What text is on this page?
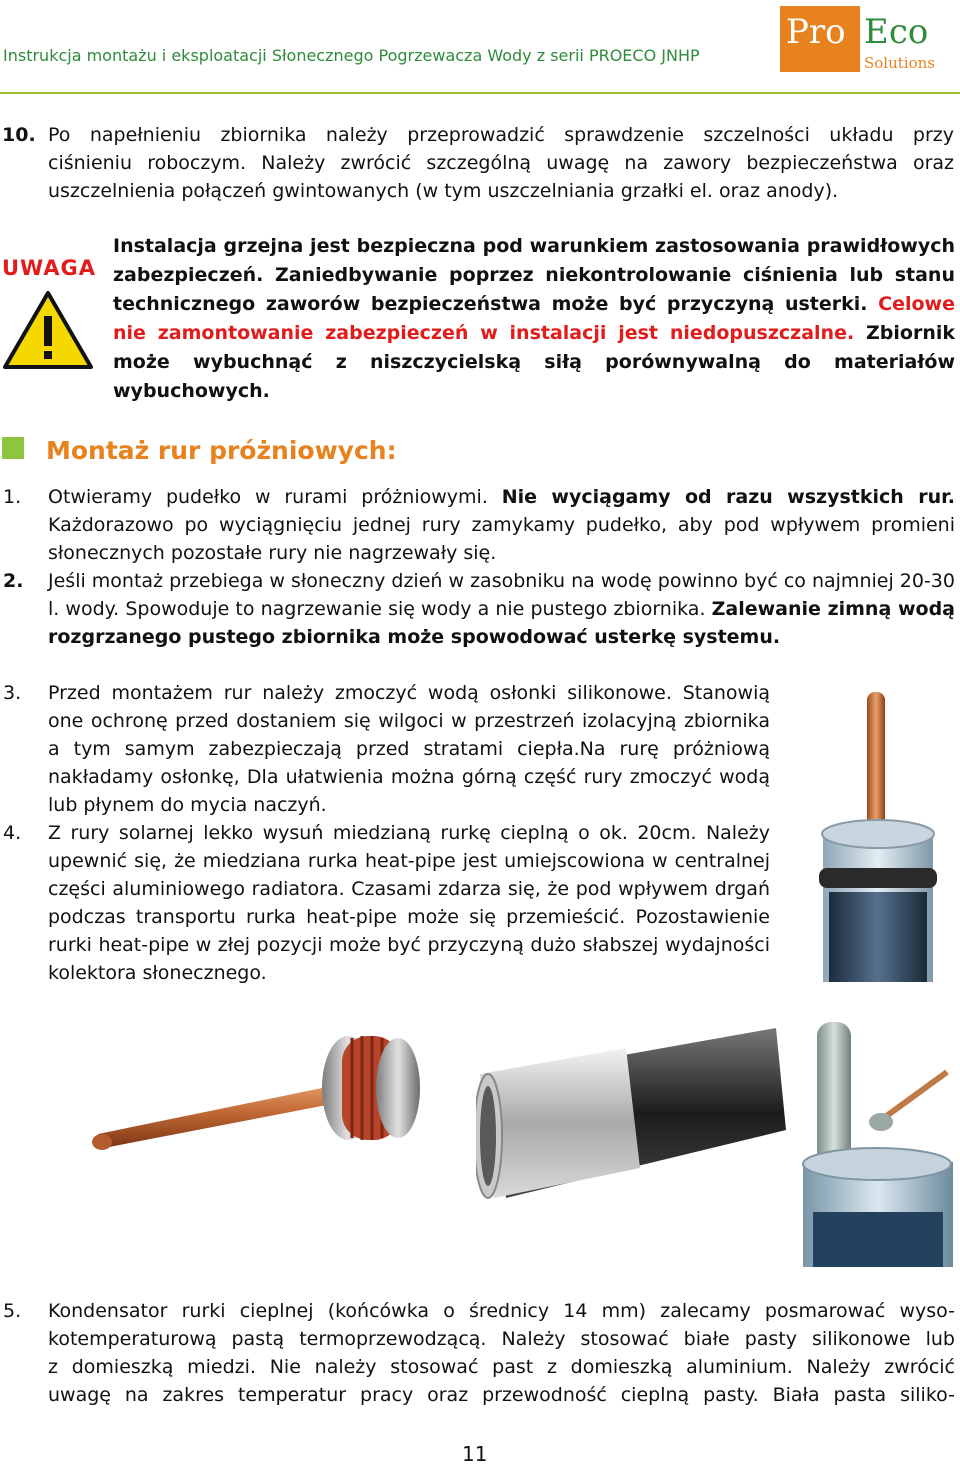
Instrukcja montażu i eksploatacji Słonecznego Pogrzewacza Wody z serii PROECO JNHP
Pro Eco
Solutions
10. Po napełnieniu zbiornika należy przeprowadzić sprawdzenie szczelności układu przy
ciśnieniu roboczym. Należy zwrócić szczególną uwagę na zawory bezpieczeństwa oraz
uszczelnienia połączeń gwintowanych (w tym uszczelniania grzałki el. oraz anody).
UWAGA
Instalacja grzejna jest bezpieczna pod warunkiem zastosowania prawidłowych zabezpieczeń. Zaniedbywanie poprzez niekontrolowanie ciśnienia lub stanu technicznego zaworów bezpieczeństwa może być przyczyną usterki. Celowe nie zamontowanie zabezpieczeń w instalacji jest niedopuszczalne. Zbiornik może wybuchnąć z niszczycielską siłą porównywalną do materiałów wybuchowych.
Montaż rur próżniowych:
1. Otwieramy pudełko w rurami próżniowymi. Nie wyciągamy od razu wszystkich rur. Każdorazowo po wyciągnięciu jednej rury zamykamy pudełko, aby pod wpływem promieni słonecznych pozostałe rury nie nagrzewały się.
2. Jeśli montaż przebiega w słoneczny dzień w zasobniku na wodę powinno być co najmniej 20-30 l. wody. Spowoduje to nagrzewanie się wody a nie pustego zbiornika. Zalewanie zimną wodą rozgrzanego pustego zbiornika może spowodować usterkę systemu.
3. Przed montażem rur należy zmoczyć wodą osłonki silikonowe. Stanowią one ochronę przed dostaniem się wilgoci w przestrzeń izolacyjną zbiornika a tym samym zabezpieczają przed stratami ciepła.Na rurę próżniową nakładamy osłonkę, Dla ułatwienia można górną część rury zmoczyć wodą lub płynem do mycia naczyń.
4. Z rury solarnej lekko wysuń miedzianą rurkę cieplną o ok. 20cm. Należy upewnić się, że miedziana rurka heat-pipe jest umiejscowiona w centralnej części aluminiowego radiatora. Czasami zdarza się, że pod wpływem drgań podczas transportu rurka heat-pipe może się przemieścić. Pozostawienie rurki heat-pipe w złej pozycji może być przyczyną dużo słabszej wydajności kolektora słonecznego.
5. Kondensator rurki cieplnej (końcówka o średnicy 14 mm) zalecamy posmarować wyso-
kotemperaturową pastą termoprzewodzącą. Należy stosować białe pasty silikonowe lub
z domieszką miedzi. Nie należy stosować past z domieszką aluminium. Należy zwrócić
uwagę na zakres temperatur pracy oraz przewodność cieplną pasty. Biała pasta siliko-
11
